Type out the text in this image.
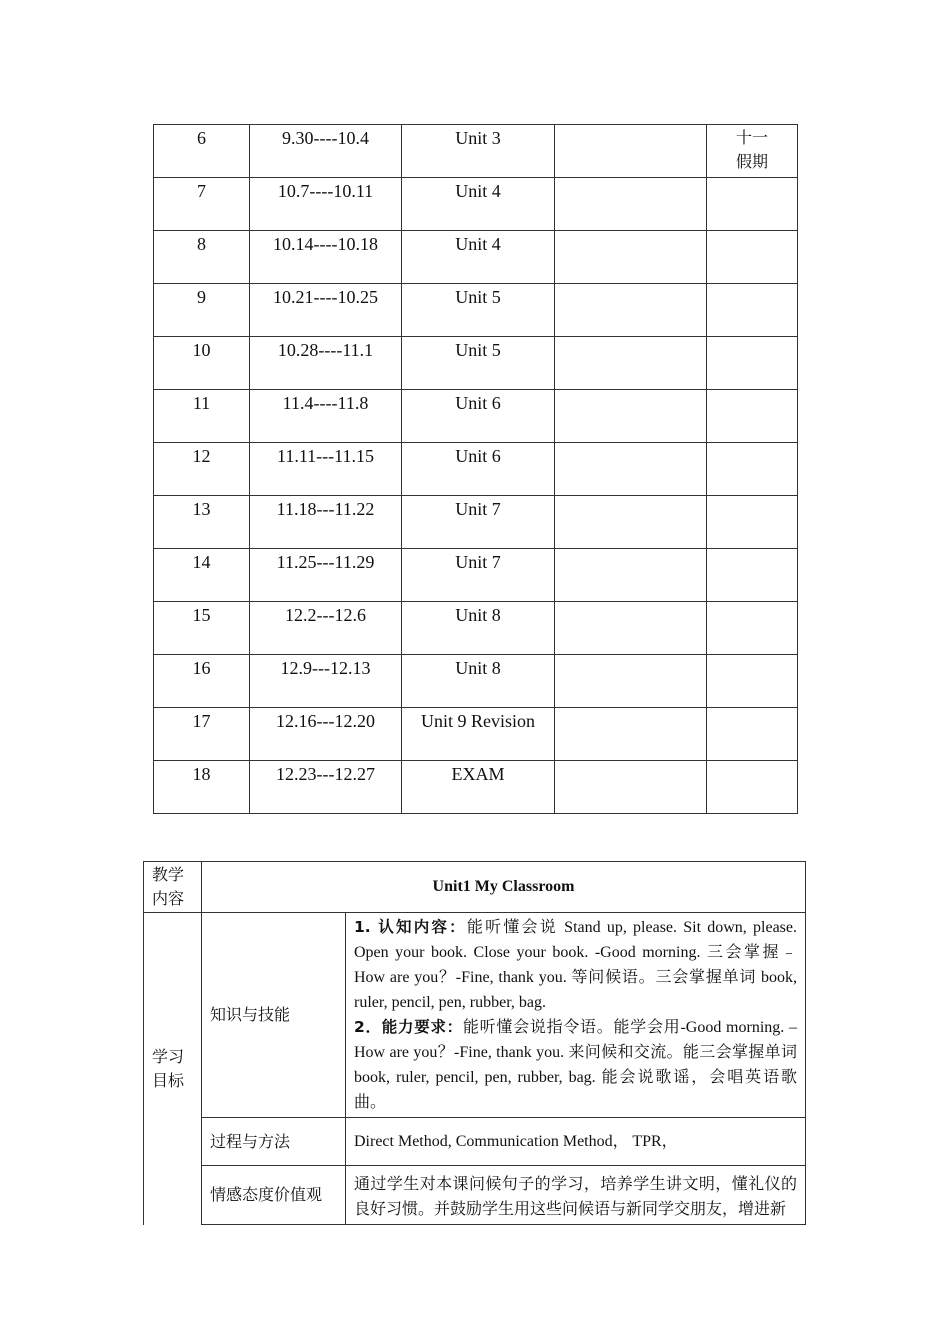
6	9.30----10.4	Unit 3		十一
假期

7	10.7----10.11	Unit 4		

8	10.14----10.18	Unit 4		

9	10.21----10.25	Unit 5		

10	10.28----11.1	Unit 5		

11	11.4----11.8	Unit 6		

12	11.11---11.15	Unit 6		

13	11.18---11.22	Unit 7		

14	11.25---11.29	Unit 7		

15	12.2---12.6	Unit 8		

16	12.9---12.13	Unit 8		

17	12.16---12.20	Unit 9 Revision		

18	12.23---12.27	EXAM		

教学
内容	Unit1 My Classroom	
学习
目标	知识与技能	1. 认知内容：能听懂会说 Stand up, please. Sit down, please. Open your book. Close your book. -Good morning. 三会掌握﹣How are you？-Fine, thank you. 等问候语。三会掌握单词 book, ruler, pencil, pen, rubber, bag.
2．能力要求：能听懂会说指令语。能学会用-Good morning. –How are you？-Fine, thank you. 来问候和交流。能三会掌握单词 book, ruler, pencil, pen, rubber, bag. 能会说歌谣，会唱英语歌曲。
	过程与方法	Direct Method, Communication Method， TPR，
	情感态度价值观	通过学生对本课问候句子的学习，培养学生讲文明，懂礼仪的良好习惯。并鼓励学生用这些问候语与新同学交朋友，增进新
